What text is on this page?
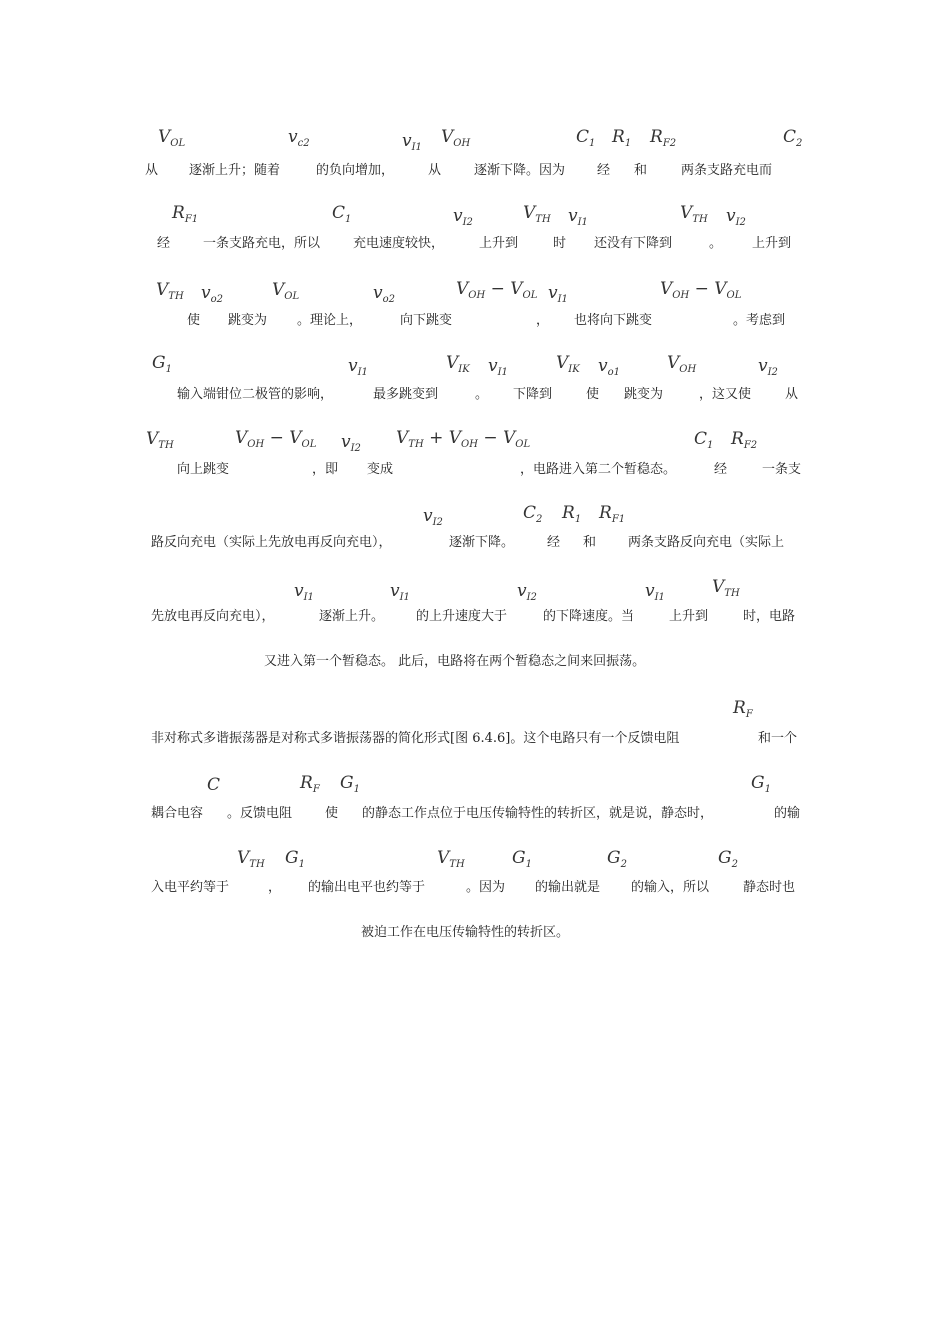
$V_{OL}$	$v_{c2}$	$v_{I1}$
$V_{OH}$	$C_1$ $R_1$ $R_{F2}$	$C_2$
从 逐渐上升；随着	的负向增加，	从	逐渐下降。因为 经 和	两条支路充电而
$R_{F1}$	$C_1$	$v_{I2}$	$V_{TH}$ $v_{I1}$	$V_{TH}$ $v_{I2}$
经	一条支路充电，所以	充电速度较快，	上升到	时 还没有下降到	。 上升到
$V_{TH}$ $v_{o2}$	$V_{OL}$	$v_{o2}$
$V_{OH} - V_{OL}$ $v_{I1}$
$V_{OH} - V_{OL}$
使 跳变为 。理论上，	向下跳变	， 也将向下跳变	。考虑到
$G_1$	$v_{I1}$	$V_{IK}$ $v_{I1}$	$V_{IK}$ $v_{o1}$	$V_{OH}$	$v_{I2}$
输入端钳位二极管的影响，	最多跳变到	。 下降到	使 跳变为	，这又使	从
$V_{TH}$	$V_{OH} - V_{OL}$ $v_{I2}$
$V_{TH} + V_{OH} - V_{OL}$	$C_1$ $R_{F2}$
向上跳变	，即 变成	，电路进入第二个暂稳态。	经	一条支
$v_{I2}$	$C_2$ $R_1$ $R_{F1}$
路反向充电（实际上先放电再反向充电），	逐渐下降。	经 和 两条支路反向充电（实际上
$v_{I1}$	$v_{I1}$	$v_{I2}$	$v_{I1}$
$V_{TH}$
先放电再反向充电），	逐渐上升。 的上升速度大于	的下降速度。当	上升到	时，电路
又进入第一个暂稳态。 此后，电路将在两个暂稳态之间来回振荡。
$R_F$
非对称式多谐振荡器是对称式多谐振荡器的简化形式[图 6.4.6]。这个电路只有一个反馈电阻	和一个
C	$R_F$ $G_1$	$G_1$
耦合电容 。反馈电阻	使 的静态工作点位于电压传输特性的转折区，就是说，静态时，	的输
$V_{TH}$ $G_1$	$V_{TH}$	$G_1$	$G_2$	$G_2$
入电平约等于	， 的输出电平也约等于	。因为 的输出就是 的输入，所以	静态时也
被迫工作在电压传输特性的转折区。
